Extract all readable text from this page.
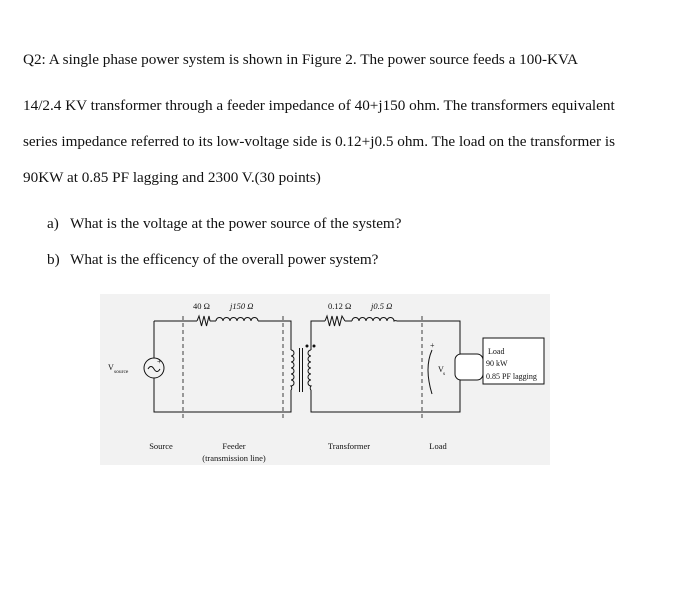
Q2: A single phase power system is shown in Figure 2. The power source feeds a 100-KVA
14/2.4 KV transformer through a feeder impedance of 40+j150 ohm. The transformers equivalent
series impedance referred to its low-voltage side is 0.12+j0.5 ohm. The load on the transformer is
90KW at 0.85 PF lagging and 2300 V.(30 points)
a) What is the voltage at the power source of the system?
b) What is the efficency of the overall power system?
40 Ω j150 Ω	0.12 Ω j0.5 Ω
+
V source
+
V s
Load
90 kW
0.85 PF lagging
Source	Feeder
(transmission line)
Transformer	Load
